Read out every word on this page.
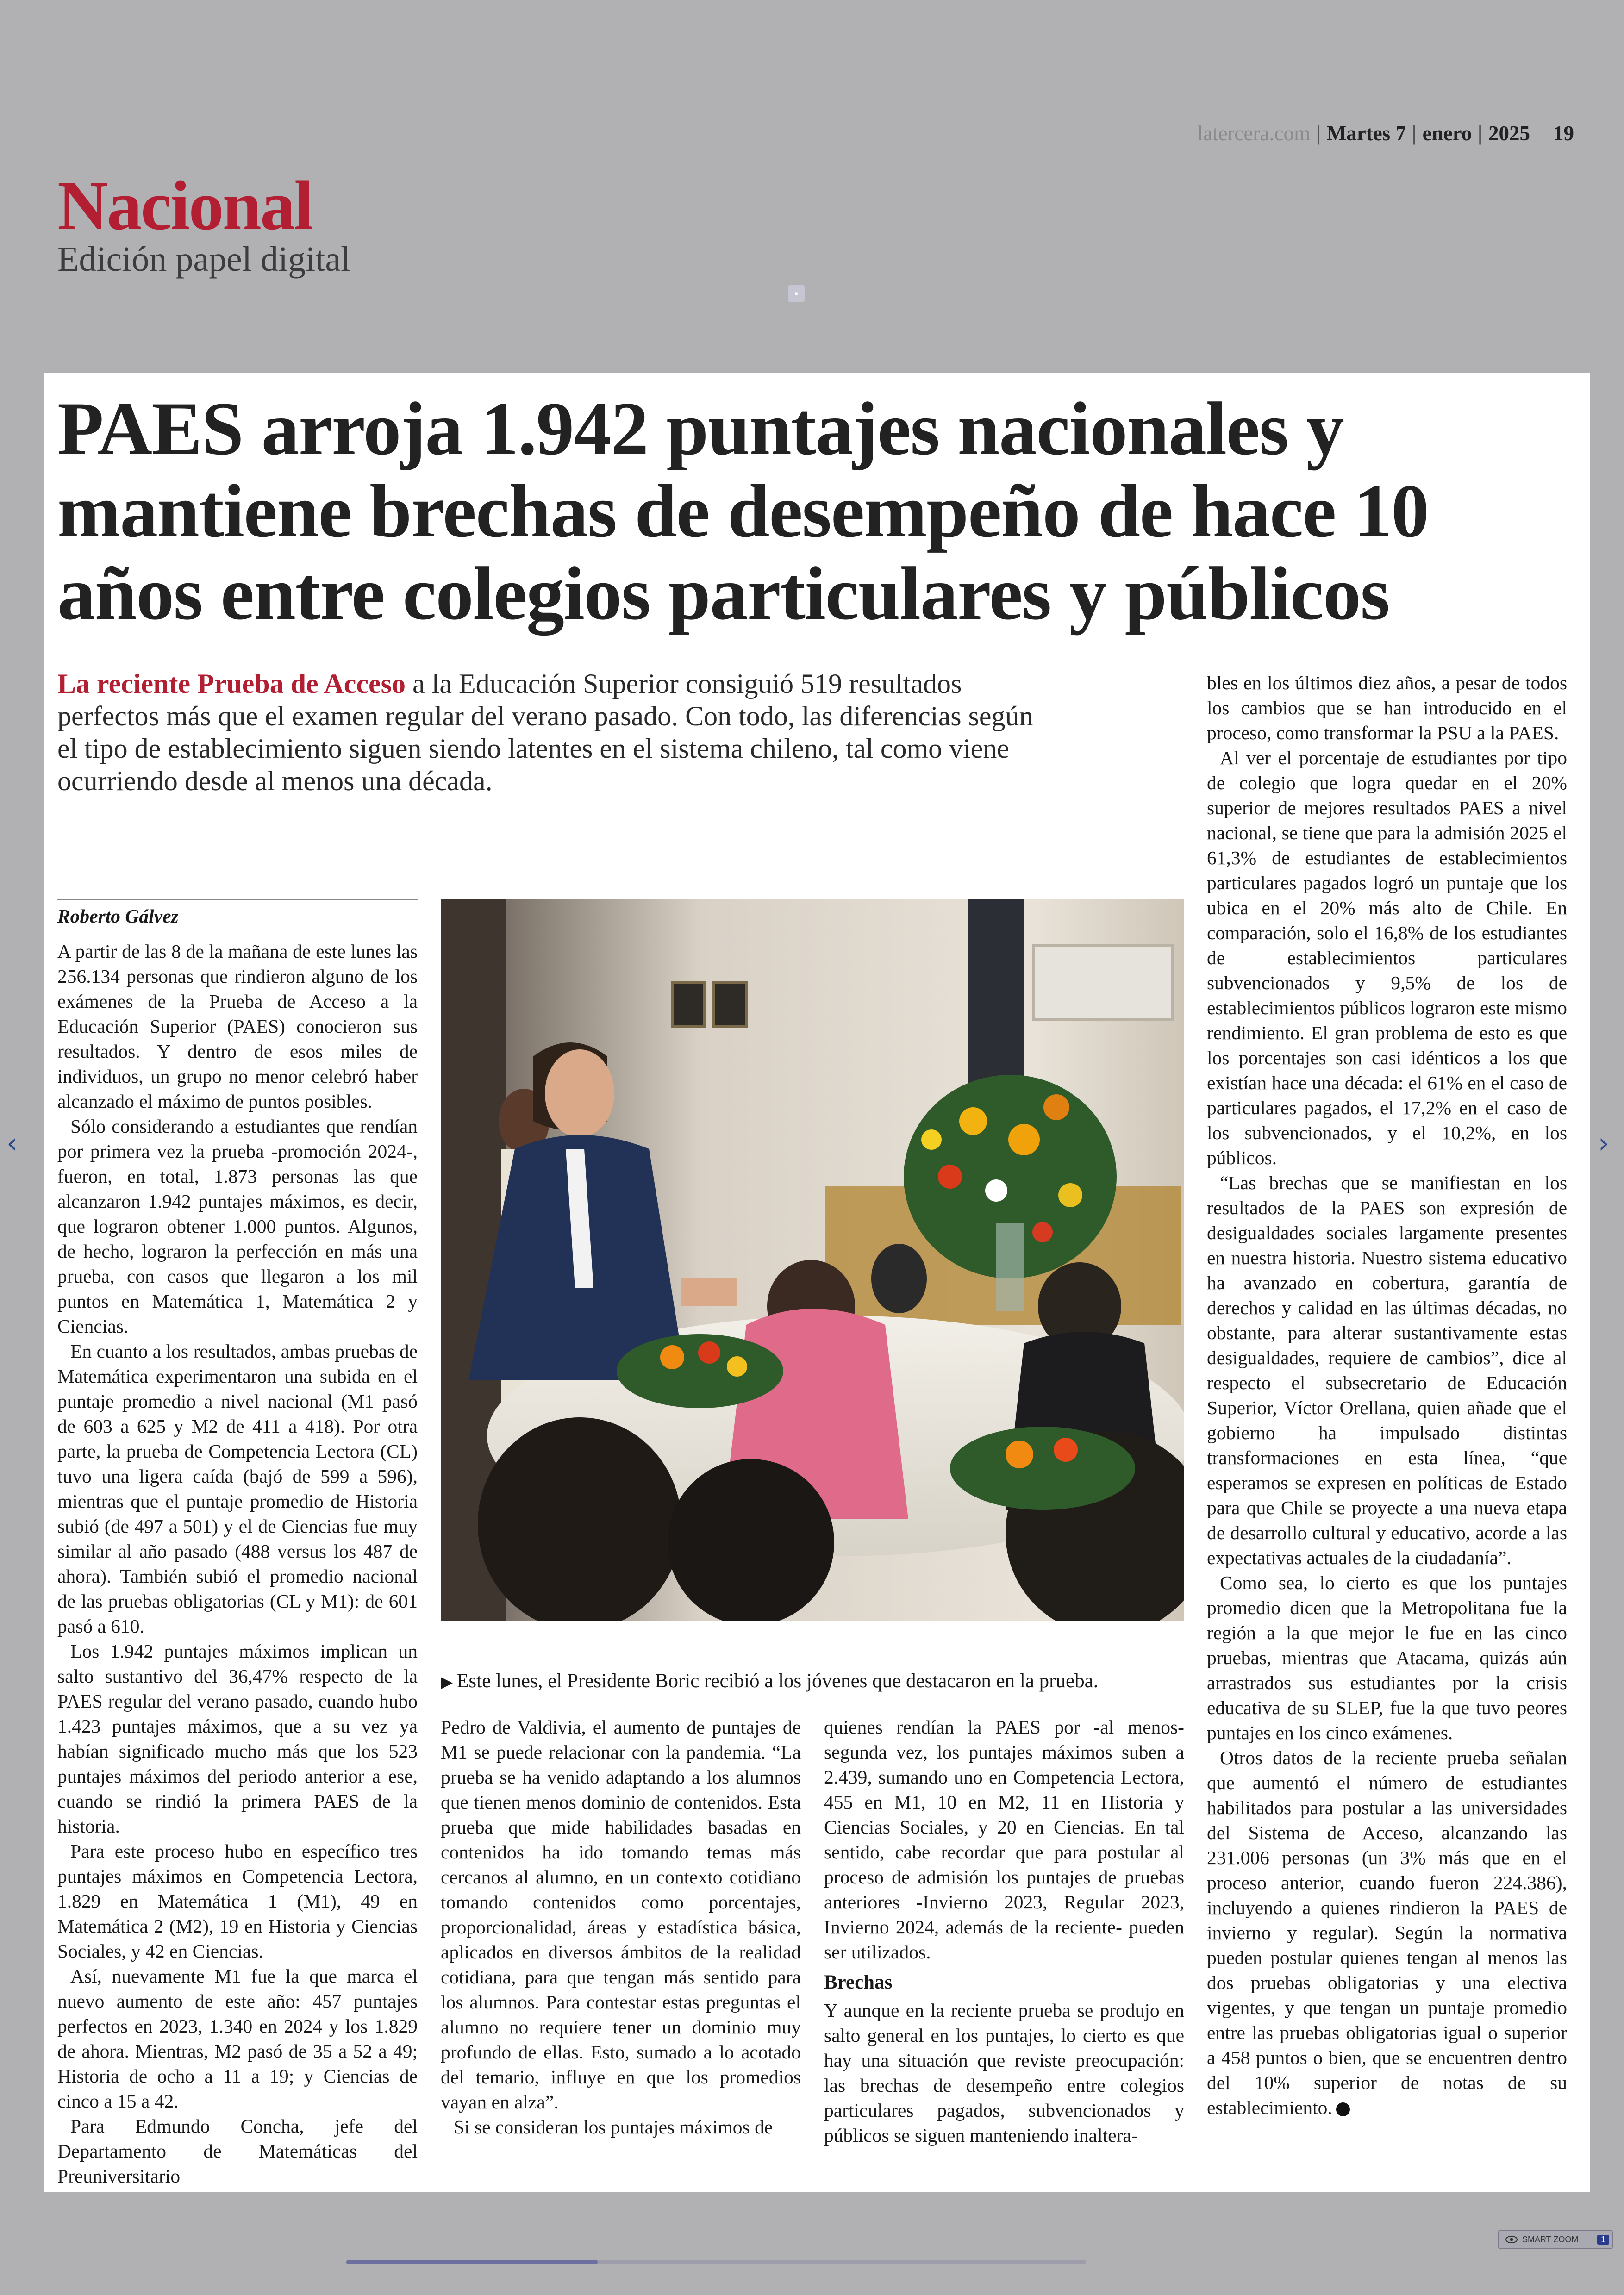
latercera.com | Martes 7 | enero | 2025 19
Nacional
Edición papel digital
▪
PAES arroja 1.942 puntajes nacionales y mantiene brechas de desempeño de hace 10 años entre colegios particulares y públicos

La reciente Prueba de Acceso a la Educación Superior consiguió 519 resultados perfectos más que el examen regular del verano pasado. Con todo, las diferencias según el tipo de establecimiento siguen siendo latentes en el sistema chileno, tal como viene ocurriendo desde al menos una década.

Roberto Gálvez

A partir de las 8 de la mañana de este lunes las 256.134 personas que rindieron alguno de los exámenes de la Prueba de Acceso a la Educación Superior (PAES) conocieron sus resultados. Y dentro de esos miles de individuos, un grupo no menor celebró haber alcanzado el máximo de puntos posibles.

Sólo considerando a estudiantes que rendían por primera vez la prueba -promoción 2024-, fueron, en total, 1.873 personas las que alcanzaron 1.942 puntajes máximos, es decir, que lograron obtener 1.000 puntos. Algunos, de hecho, lograron la perfección en más una prueba, con casos que llegaron a los mil puntos en Matemática 1, Matemática 2 y Ciencias.

En cuanto a los resultados, ambas pruebas de Matemática experimentaron una subida en el puntaje promedio a nivel nacional (M1 pasó de 603 a 625 y M2 de 411 a 418). Por otra parte, la prueba de Competencia Lectora (CL) tuvo una ligera caída (bajó de 599 a 596), mientras que el puntaje promedio de Historia subió (de 497 a 501) y el de Ciencias fue muy similar al año pasado (488 versus los 487 de ahora). También subió el promedio nacional de las pruebas obligatorias (CL y M1): de 601 pasó a 610.

Los 1.942 puntajes máximos implican un salto sustantivo del 36,47% respecto de la PAES regular del verano pasado, cuando hubo 1.423 puntajes máximos, que a su vez ya habían significado mucho más que los 523 puntajes máximos del periodo anterior a ese, cuando se rindió la primera PAES de la historia.

Para este proceso hubo en específico tres puntajes máximos en Competencia Lectora, 1.829 en Matemática 1 (M1), 49 en Matemática 2 (M2), 19 en Historia y Ciencias Sociales, y 42 en Ciencias.

Así, nuevamente M1 fue la que marca el nuevo aumento de este año: 457 puntajes perfectos en 2023, 1.340 en 2024 y los 1.829 de ahora. Mientras, M2 pasó de 35 a 52 a 49; Historia de ocho a 11 a 19; y Ciencias de cinco a 15 a 42.

Para Edmundo Concha, jefe del Departamento de Matemáticas del Preuniversitario

▶ Este lunes, el Presidente Boric recibió a los jóvenes que destacaron en la prueba.

Pedro de Valdivia, el aumento de puntajes de M1 se puede relacionar con la pandemia. “La prueba se ha venido adaptando a los alumnos que tienen menos dominio de contenidos. Esta prueba que mide habilidades basadas en contenidos ha ido tomando temas más cercanos al alumno, en un contexto cotidiano tomando contenidos como porcentajes, proporcionalidad, áreas y estadística básica, aplicados en diversos ámbitos de la realidad cotidiana, para que tengan más sentido para los alumnos. Para contestar estas preguntas el alumno no requiere tener un dominio muy profundo de ellas. Esto, sumado a lo acotado del temario, influye en que los promedios vayan en alza”.

Si se consideran los puntajes máximos de

quienes rendían la PAES por -al menos- segunda vez, los puntajes máximos suben a 2.439, sumando uno en Competencia Lectora, 455 en M1, 10 en M2, 11 en Historia y Ciencias Sociales, y 20 en Ciencias. En tal sentido, cabe recordar que para postular al proceso de admisión los puntajes de pruebas anteriores -Invierno 2023, Regular 2023, Invierno 2024, además de la reciente- pueden ser utilizados.

Brechas

Y aunque en la reciente prueba se produjo en salto general en los puntajes, lo cierto es que hay una situación que reviste preocupación: las brechas de desempeño entre colegios particulares pagados, subvencionados y públicos se siguen manteniendo inaltera-

bles en los últimos diez años, a pesar de todos los cambios que se han introducido en el proceso, como transformar la PSU a la PAES.

Al ver el porcentaje de estudiantes por tipo de colegio que logra quedar en el 20% superior de mejores resultados PAES a nivel nacional, se tiene que para la admisión 2025 el 61,3% de estudiantes de establecimientos particulares pagados logró un puntaje que los ubica en el 20% más alto de Chile. En comparación, solo el 16,8% de los estudiantes de establecimientos particulares subvencionados y 9,5% de los de establecimientos públicos lograron este mismo rendimiento. El gran problema de esto es que los porcentajes son casi idénticos a los que existían hace una década: el 61% en el caso de particulares pagados, el 17,2% en el caso de los subvencionados, y el 10,2%, en los públicos.

“Las brechas que se manifiestan en los resultados de la PAES son expresión de desigualdades sociales largamente presentes en nuestra historia. Nuestro sistema educativo ha avanzado en cobertura, garantía de derechos y calidad en las últimas décadas, no obstante, para alterar sustantivamente estas desigualdades, requiere de cambios”, dice al respecto el subsecretario de Educación Superior, Víctor Orellana, quien añade que el gobierno ha impulsado distintas transformaciones en esta línea, “que esperamos se expresen en políticas de Estado para que Chile se proyecte a una nueva etapa de desarrollo cultural y educativo, acorde a las expectativas actuales de la ciudadanía”.

Como sea, lo cierto es que los puntajes promedio dicen que la Metropolitana fue la región a la que mejor le fue en las cinco pruebas, mientras que Atacama, quizás aún arrastrados sus estudiantes por la crisis educativa de su SLEP, fue la que tuvo peores puntajes en los cinco exámenes.

Otros datos de la reciente prueba señalan que aumentó el número de estudiantes habilitados para postular a las universidades del Sistema de Acceso, alcanzando las 231.006 personas (un 3% más que en el proceso anterior, cuando fueron 224.386), incluyendo a quienes rindieron la PAES de invierno y regular). Según la normativa pueden postular quienes tengan al menos las dos pruebas obligatorias y una electiva vigentes, y que tengan un puntaje promedio entre las pruebas obligatorias igual o superior a 458 puntos o bien, que se encuentren dentro del 10% superior de notas de su establecimiento.

‹	›
SMART ZOOM	1
